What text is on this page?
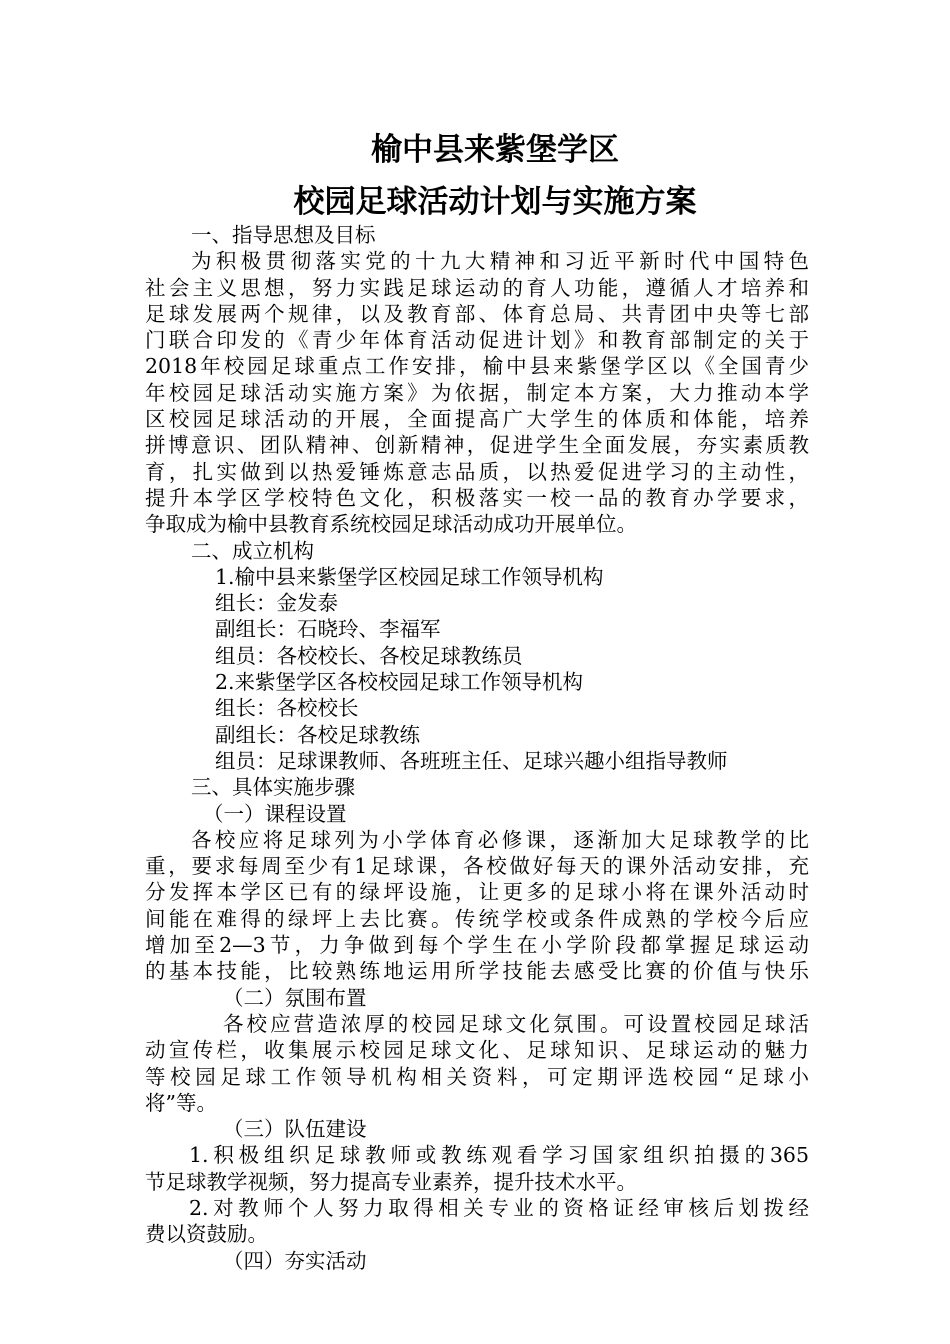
榆中县来紫堡学区
校园足球活动计划与实施方案
一、指导思想及目标
为积极贯彻落实党的十九大精神和习近平新时代中国特色
社会主义思想，努力实践足球运动的育人功能，遵循人才培养和
足球发展两个规律，以及教育部、体育总局、共青团中央等七部
门联合印发的《青少年体育活动促进计划》和教育部制定的关于
2018年校园足球重点工作安排，榆中县来紫堡学区以《全国青少
年校园足球活动实施方案》为依据，制定本方案，大力推动本学
区校园足球活动的开展，全面提高广大学生的体质和体能，培养
拼博意识、团队精神、创新精神，促进学生全面发展，夯实素质教
育，扎实做到以热爱锤炼意志品质，以热爱促进学习的主动性，
提升本学区学校特色文化，积极落实一校一品的教育办学要求，
争取成为榆中县教育系统校园足球活动成功开展单位。
二、成立机构
1.榆中县来紫堡学区校园足球工作领导机构
组长：金发泰
副组长：石晓玲、李福军
组员：各校校长、各校足球教练员
2.来紫堡学区各校校园足球工作领导机构
组长：各校校长
副组长：各校足球教练
组员：足球课教师、各班班主任、足球兴趣小组指导教师
三、具体实施步骤
（一）课程设置
各校应将足球列为小学体育必修课，逐渐加大足球教学的比
重，要求每周至少有1足球课，各校做好每天的课外活动安排，充
分发挥本学区已有的绿坪设施，让更多的足球小将在课外活动时
间能在难得的绿坪上去比赛。传统学校或条件成熟的学校今后应
增加至2—3节，力争做到每个学生在小学阶段都掌握足球运动
的基本技能，比较熟练地运用所学技能去感受比赛的价值与快乐
（二）氛围布置
各校应营造浓厚的校园足球文化氛围。可设置校园足球活
动宣传栏，收集展示校园足球文化、足球知识、足球运动的魅力
等校园足球工作领导机构相关资料，可定期评选校园“足球小
将”等。
（三）队伍建设
1.积极组织足球教师或教练观看学习国家组织拍摄的365
节足球教学视频，努力提高专业素养，提升技术水平。
2.对教师个人努力取得相关专业的资格证经审核后划拨经
费以资鼓励。
（四）夯实活动
